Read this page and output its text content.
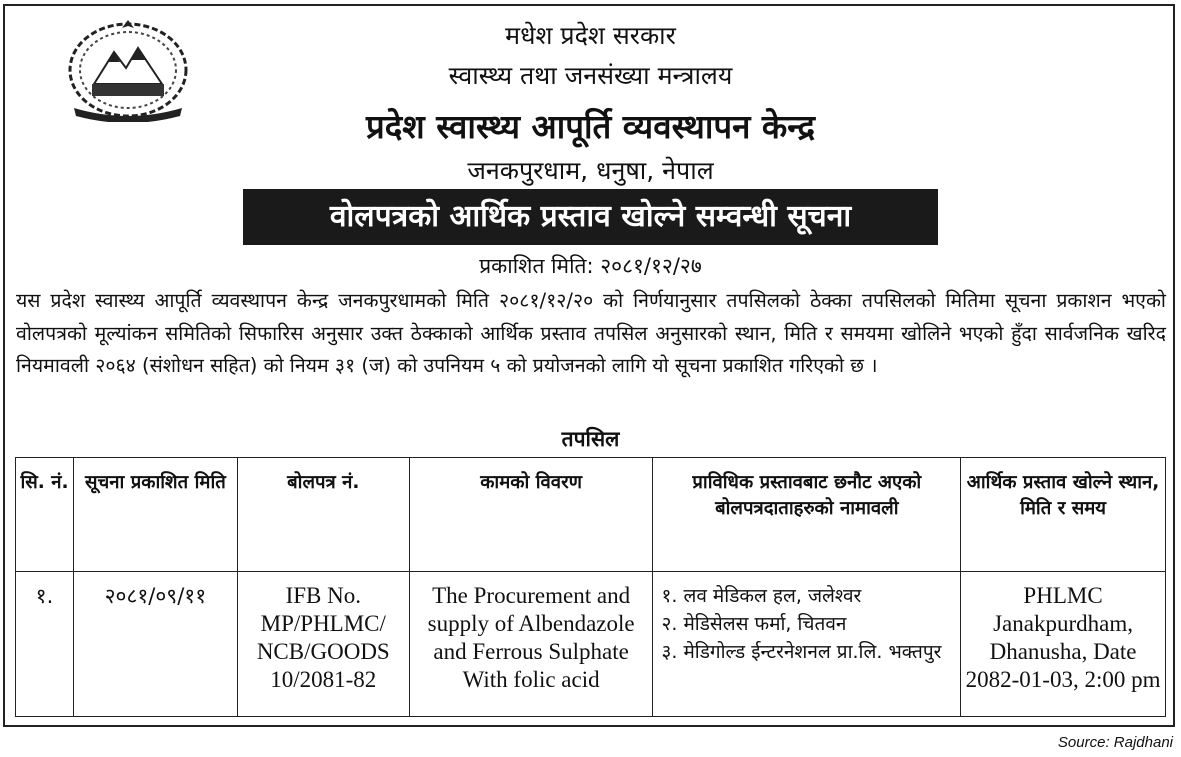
मधेश प्रदेश सरकार
स्वास्थ्य तथा जनसंख्या मन्त्रालय
प्रदेश स्वास्थ्य आपूर्ति व्यवस्थापन केन्द्र
जनकपुरधाम, धनुषा, नेपाल
वोलपत्रको आर्थिक प्रस्ताव खोल्ने सम्वन्धी सूचना
प्रकाशित मिति: २०८१/१२/२७
यस प्रदेश स्वास्थ्य आपूर्ति व्यवस्थापन केन्द्र जनकपुरधामको मिति २०८१/१२/२० को निर्णयानुसार तपसिलको ठेक्का तपसिलको मितिमा सूचना प्रकाशन भएको वोलपत्रको मूल्यांकन समितिको सिफारिस अनुसार उक्त ठेक्काको आर्थिक प्रस्ताव तपसिल अनुसारको स्थान, मिति र समयमा खोलिने भएको हुँदा सार्वजनिक खरिद नियमावली २०६४ (संशोधन सहित) को नियम ३१ (ज) को उपनियम ५ को प्रयोजनको लागि यो सूचना प्रकाशित गरिएको छ ।
तपसिल
सि. नं.	सूचना प्रकाशित मिति	बोलपत्र नं.	कामको विवरण	प्राविधिक प्रस्तावबाट छनौट अएको बोलपत्रदाताहरुको नामावली	आर्थिक प्रस्ताव खोल्ने स्थान, मिति र समय
१.	२०८१/०९/११	IFB No. MP/PHLMC/ NCB/GOODS 10/2081-82	The Procurement and supply of Albendazole and Ferrous Sulphate With folic acid	१. लव मेडिकल हल, जलेश्वर
२. मेडिसेलस फर्मा, चितवन
३. मेडिगोल्ड ईन्टरनेशनल प्रा.लि. भक्तपुर	PHLMC Janakpurdham, Dhanusha, Date 2082-01-03, 2:00 pm
Source: Rajdhani
